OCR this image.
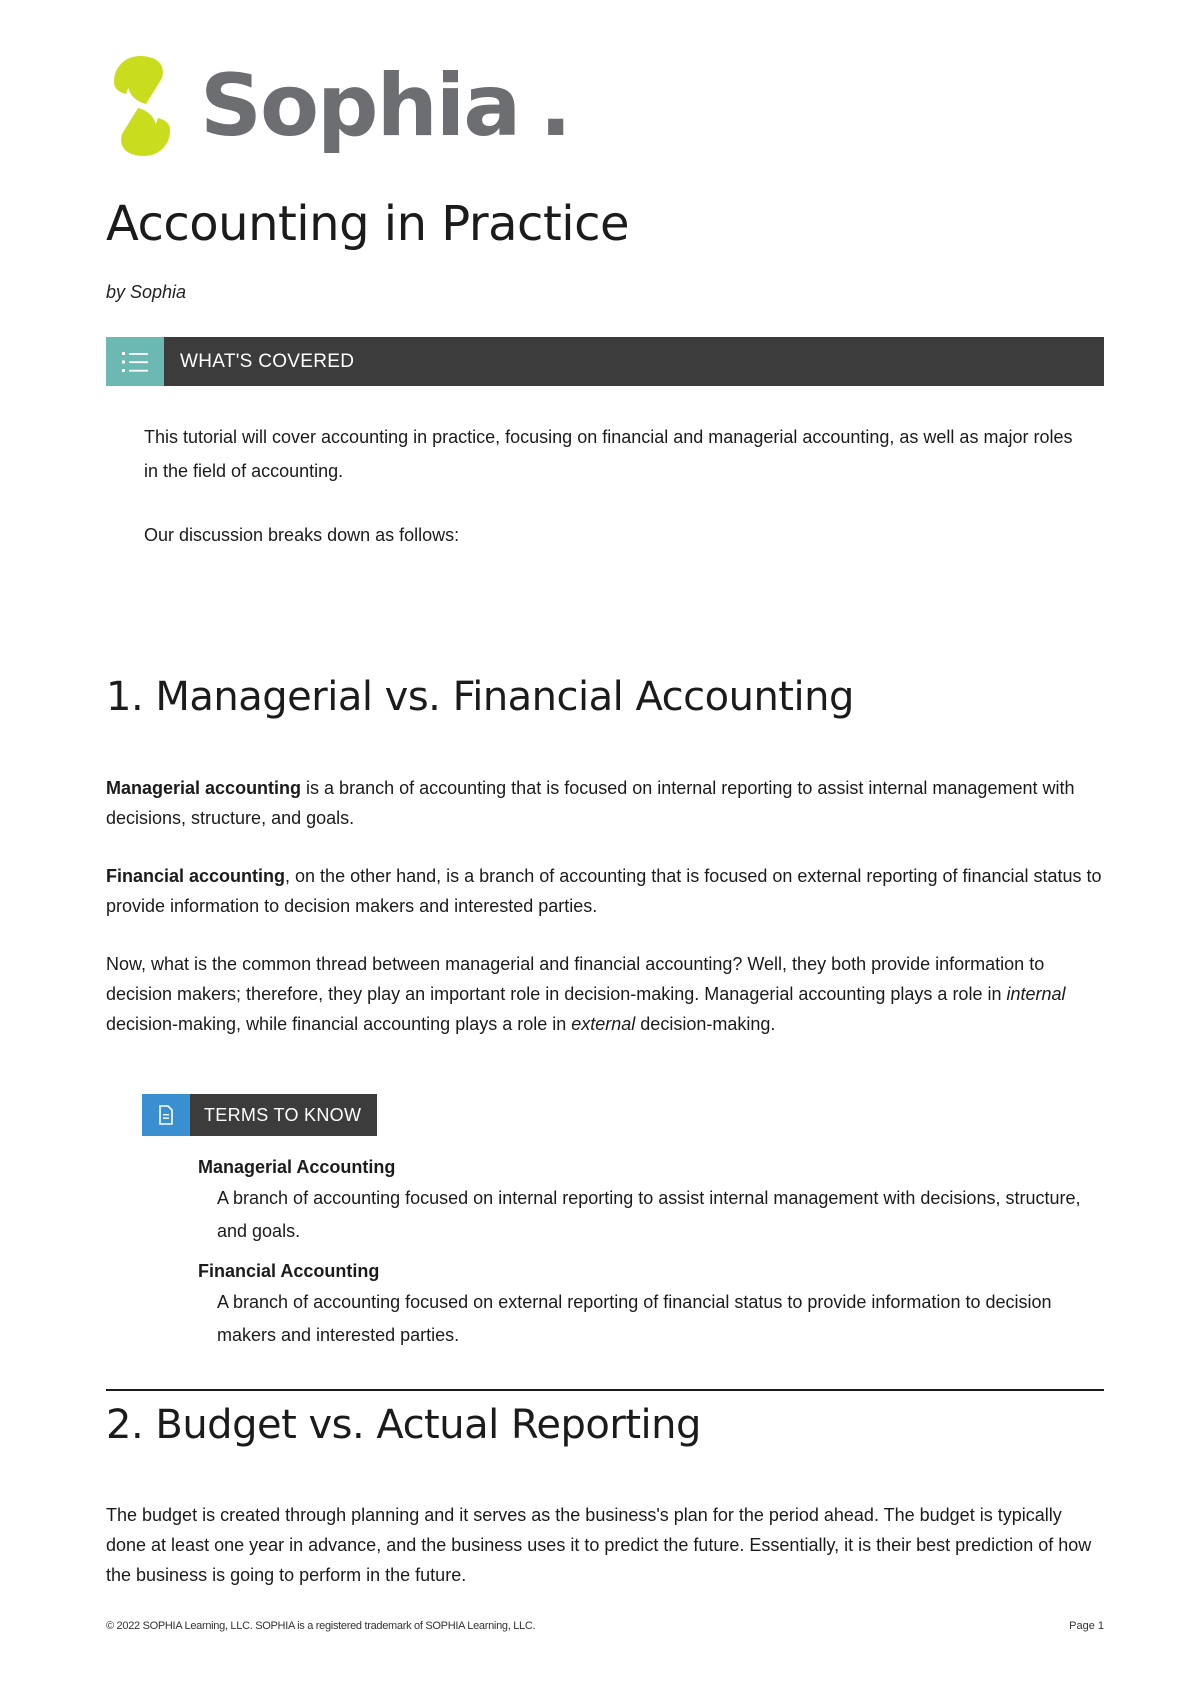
Sophia .
Accounting in Practice
by Sophia
WHAT'S COVERED

This tutorial will cover accounting in practice, focusing on financial and managerial accounting, as well as major roles in the field of accounting.

Our discussion breaks down as follows:

1. Managerial vs. Financial Accounting

Managerial accounting is a branch of accounting that is focused on internal reporting to assist internal management with decisions, structure, and goals.

Financial accounting, on the other hand, is a branch of accounting that is focused on external reporting of financial status to provide information to decision makers and interested parties.

Now, what is the common thread between managerial and financial accounting? Well, they both provide information to decision makers; therefore, they play an important role in decision-making. Managerial accounting plays a role in internal decision-making, while financial accounting plays a role in external decision-making.

TERMS TO KNOW
Managerial Accounting
A branch of accounting focused on internal reporting to assist internal management with decisions, structure, and goals.
Financial Accounting
A branch of accounting focused on external reporting of financial status to provide information to decision makers and interested parties.
2. Budget vs. Actual Reporting

The budget is created through planning and it serves as the business's plan for the period ahead. The budget is typically done at least one year in advance, and the business uses it to predict the future. Essentially, it is their best prediction of how the business is going to perform in the future.

© 2022 SOPHIA Learning, LLC. SOPHIA is a registered trademark of SOPHIA Learning, LLC.	Page 1
